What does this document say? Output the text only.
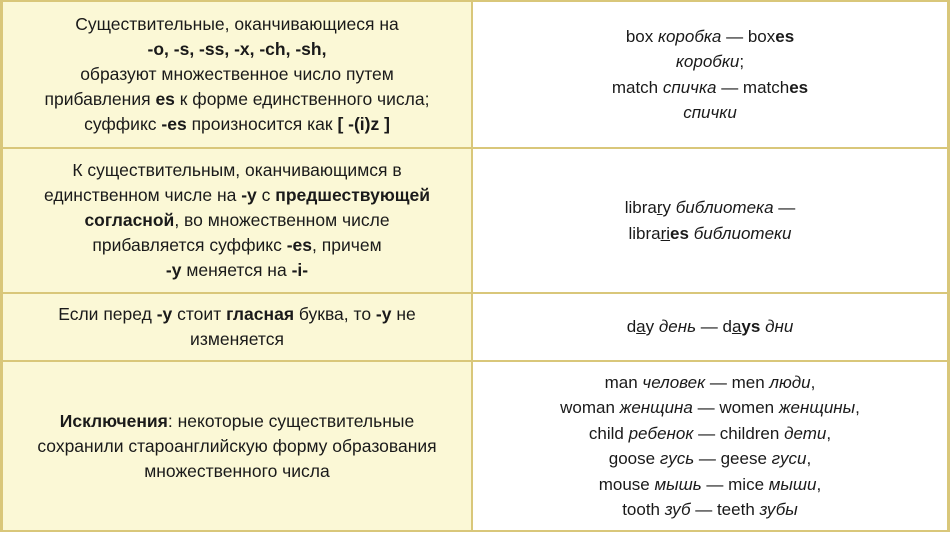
Существительные, оканчивающиеся на
-o, -s, -ss, -x, -ch, -sh,
образуют множественное число путем
прибавления es к форме единственного числа;
суффикс -es произносится как [ -(i)z ]
box коробка — boxes
коробки;
match спичка — matches
спички
К существительным, оканчивающимся в
единственном числе на -y с предшествующей
согласной, во множественном числе
прибавляется суффикс -es, причем
-y меняется на -i-
library библиотека —
libraries библиотеки
Если перед -y стоит гласная буква, то -y не
изменяется
day день — days дни
Исключения: некоторые существительные
сохранили староанглийскую форму образования
множественного числа
man человек — men люди,
woman женщина — women женщины,
child ребенок — children дети,
goose гусь — geese гуси,
mouse мышь — mice мыши,
tooth зуб — teeth зубы
